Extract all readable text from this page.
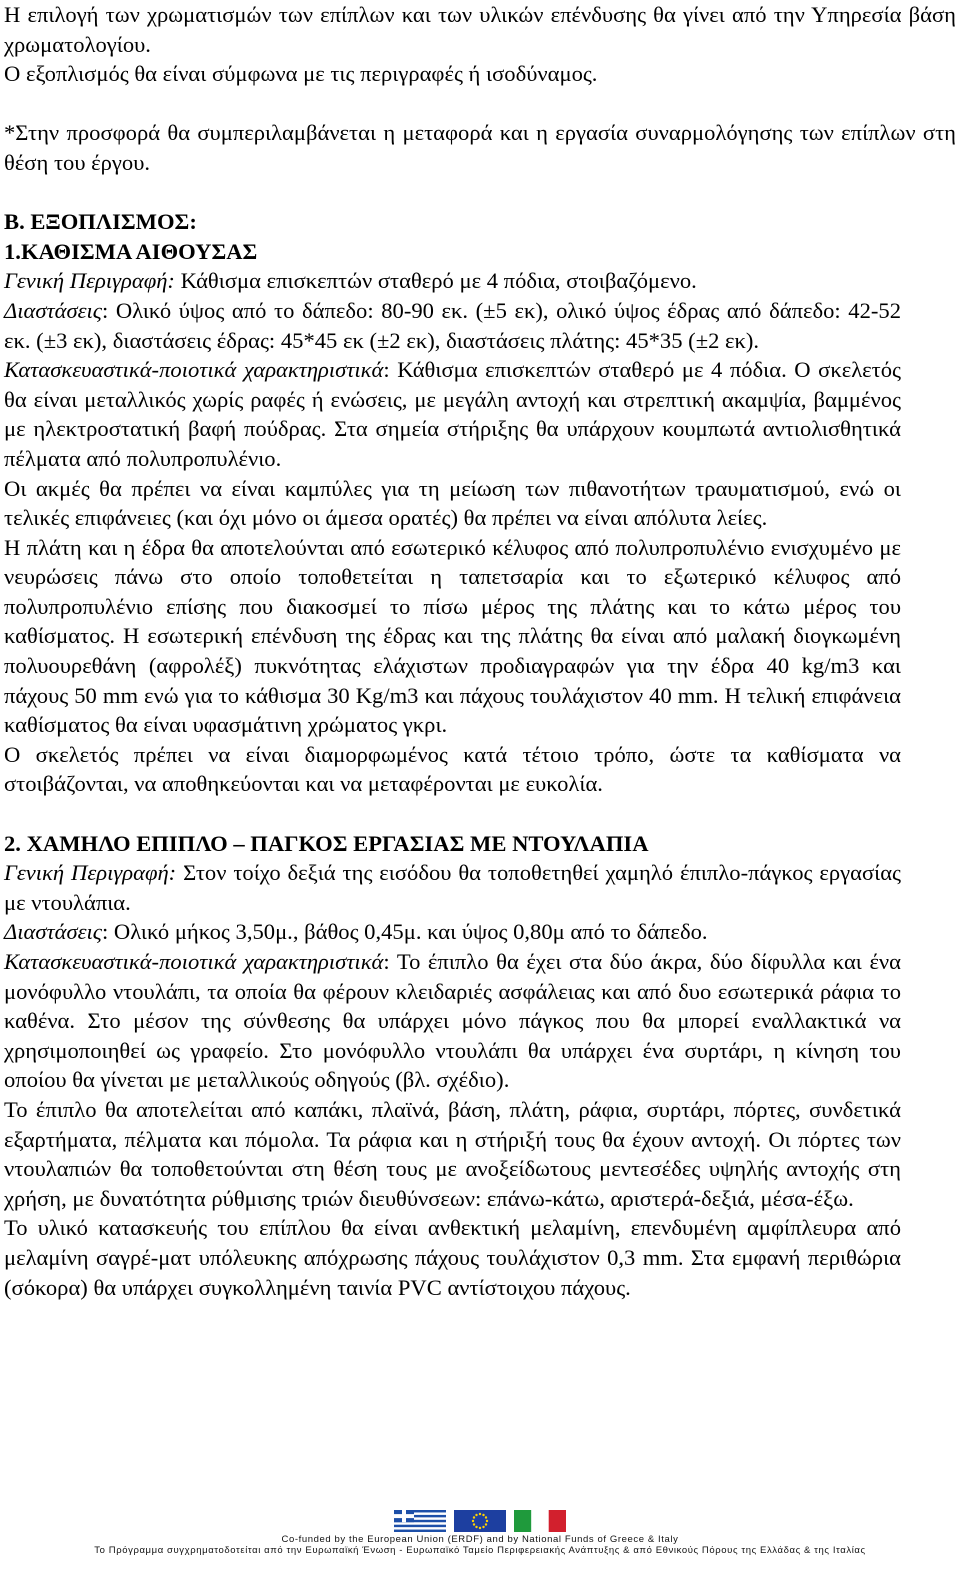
Η επιλογή των χρωματισμών των επίπλων και των υλικών επένδυσης θα γίνει από την Υπηρεσία βάση χρωματολογίου.

Ο εξοπλισμός θα είναι σύμφωνα με τις περιγραφές ή ισοδύναμος.

*Στην προσφορά θα συμπεριλαμβάνεται η μεταφορά και η εργασία συναρμολόγησης των επίπλων στη θέση του έργου.

Β. ΕΞΟΠΛΙΣΜΟΣ:

1.ΚΑΘΙΣΜΑ ΑΙΘΟΥΣΑΣ

Γενική Περιγραφή: Κάθισμα επισκεπτών σταθερό με 4 πόδια, στοιβαζόμενο.

Διαστάσεις: Ολικό ύψος από το δάπεδο: 80-90 εκ. (±5 εκ), ολικό ύψος έδρας από δάπεδο: 42-52 εκ. (±3 εκ), διαστάσεις έδρας: 45*45 εκ (±2 εκ), διαστάσεις πλάτης: 45*35 (±2 εκ).

Κατασκευαστικά-ποιοτικά χαρακτηριστικά: Κάθισμα επισκεπτών σταθερό με 4 πόδια. Ο σκελετός θα είναι μεταλλικός χωρίς ραφές ή ενώσεις, με μεγάλη αντοχή και στρεπτική ακαμψία, βαμμένος με ηλεκτροστατική βαφή πούδρας. Στα σημεία στήριξης θα υπάρχουν κουμπωτά αντιολισθητικά πέλματα από πολυπροπυλένιο.

Οι ακμές θα πρέπει να είναι καμπύλες για τη μείωση των πιθανοτήτων τραυματισμού, ενώ οι τελικές επιφάνειες (και όχι μόνο οι άμεσα ορατές) θα πρέπει να είναι απόλυτα λείες.

Η πλάτη και η έδρα θα αποτελούνται από εσωτερικό κέλυφος από πολυπροπυλένιο ενισχυμένο με νευρώσεις πάνω στο οποίο τοποθετείται η ταπετσαρία και το εξωτερικό κέλυφος από πολυπροπυλένιο επίσης που διακοσμεί το πίσω μέρος της πλάτης και το κάτω μέρος του καθίσματος. Η εσωτερική επένδυση της έδρας και της πλάτης θα είναι από μαλακή διογκωμένη πολυουρεθάνη (αφρολέξ) πυκνότητας ελάχιστων προδιαγραφών για την έδρα 40 kg/m3 και πάχους 50 mm ενώ για το κάθισμα 30 Kg/m3 και πάχους τουλάχιστον 40 mm. Η τελική επιφάνεια καθίσματος θα είναι υφασμάτινη χρώματος γκρι.

Ο σκελετός πρέπει να είναι διαμορφωμένος κατά τέτοιο τρόπο, ώστε τα καθίσματα να στοιβάζονται, να αποθηκεύονται και να μεταφέρονται με ευκολία.

2. ΧΑΜΗΛΟ ΕΠΙΠΛΟ – ΠΑΓΚΟΣ ΕΡΓΑΣΙΑΣ ΜΕ ΝΤΟΥΛΑΠΙΑ

Γενική Περιγραφή: Στον τοίχο δεξιά της εισόδου θα τοποθετηθεί χαμηλό έπιπλο-πάγκος εργασίας με ντουλάπια.

Διαστάσεις: Ολικό μήκος 3,50μ., βάθος 0,45μ. και ύψος 0,80μ από το δάπεδο.

Κατασκευαστικά-ποιοτικά χαρακτηριστικά: Το έπιπλο θα έχει στα δύο άκρα, δύο δίφυλλα και ένα μονόφυλλο ντουλάπι, τα οποία θα φέρουν κλειδαριές ασφάλειας και από δυο εσωτερικά ράφια το καθένα. Στο μέσον της σύνθεσης θα υπάρχει μόνο πάγκος που θα μπορεί εναλλακτικά να χρησιμοποιηθεί ως γραφείο. Στο μονόφυλλο ντουλάπι θα υπάρχει ένα συρτάρι, η κίνηση του οποίου θα γίνεται με μεταλλικούς οδηγούς (βλ. σχέδιο).

Το έπιπλο θα αποτελείται από καπάκι, πλαϊνά, βάση, πλάτη, ράφια, συρτάρι, πόρτες, συνδετικά εξαρτήματα, πέλματα και πόμολα. Τα ράφια και η στήριξή τους θα έχουν αντοχή. Οι πόρτες των ντουλαπιών θα τοποθετούνται στη θέση τους με ανοξείδωτους μεντεσέδες υψηλής αντοχής στη χρήση, με δυνατότητα ρύθμισης τριών διευθύνσεων: επάνω-κάτω, αριστερά-δεξιά, μέσα-έξω.

Το υλικό κατασκευής του επίπλου θα είναι ανθεκτική μελαμίνη, επενδυμένη αμφίπλευρα από μελαμίνη σαγρέ-ματ υπόλευκης απόχρωσης πάχους τουλάχιστον 0,3 mm. Στα εμφανή περιθώρια (σόκορα) θα υπάρχει συγκολλημένη ταινία PVC αντίστοιχου πάχους.

Co-funded by the European Union (ERDF) and by National Funds of Greece & Italy
Το Πρόγραμμα συγχρηματοδοτείται από την Ευρωπαϊκή Ένωση - Ευρωπαϊκό Ταμείο Περιφερειακής Ανάπτυξης & από Εθνικούς Πόρους της Ελλάδας & της Ιταλίας
